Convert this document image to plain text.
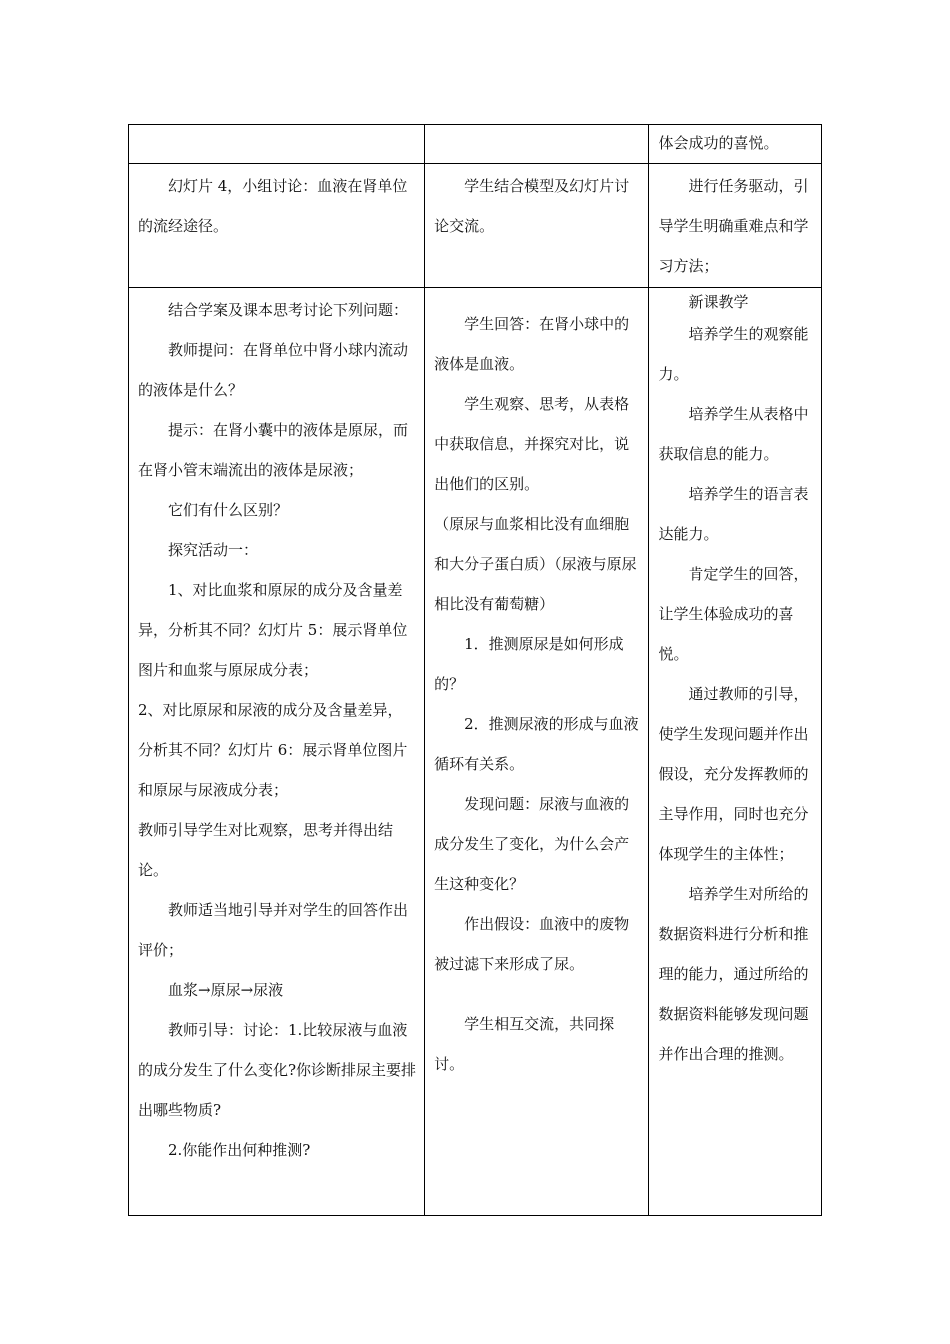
体会成功的喜悦。

幻灯片 4，小组讨论：血液在肾单位的流经途径。

学生结合模型及幻灯片讨论交流。

进行任务驱动，引导学生明确重难点和学习方法；

结合学案及课本思考讨论下列问题：

教师提问：在肾单位中肾小球内流动的液体是什么？

提示：在肾小囊中的液体是原尿，而在肾小管末端流出的液体是尿液；

它们有什么区别？

探究活动一：

1、对比血浆和原尿的成分及含量差异，分析其不同？幻灯片 5：展示肾单位图片和血浆与原尿成分表；

2、对比原尿和尿液的成分及含量差异，分析其不同？幻灯片 6：展示肾单位图片和原尿与尿液成分表；

教师引导学生对比观察，思考并得出结论。

教师适当地引导并对学生的回答作出评价；

血浆→原尿→尿液

教师引导：讨论：1.比较尿液与血液的成分发生了什么变化?你诊断排尿主要排出哪些物质?

2.你能作出何种推测?

学生回答：在肾小球中的液体是血液。

学生观察、思考，从表格中获取信息，并探究对比，说出他们的区别。

（原尿与血浆相比没有血细胞和大分子蛋白质）（尿液与原尿相比没有葡萄糖）

1．推测原尿是如何形成的？

2．推测尿液的形成与血液循环有关系。

发现问题：尿液与血液的成分发生了变化，为什么会产生这种变化？

作出假设：血液中的废物被过滤下来形成了尿。

学生相互交流，共同探讨。

新课教学

培养学生的观察能力。

培养学生从表格中获取信息的能力。

培养学生的语言表达能力。

肯定学生的回答，让学生体验成功的喜悦。

通过教师的引导，使学生发现问题并作出假设，充分发挥教师的主导作用，同时也充分体现学生的主体性；

培养学生对所给的数据资料进行分析和推理的能力，通过所给的数据资料能够发现问题并作出合理的推测。
